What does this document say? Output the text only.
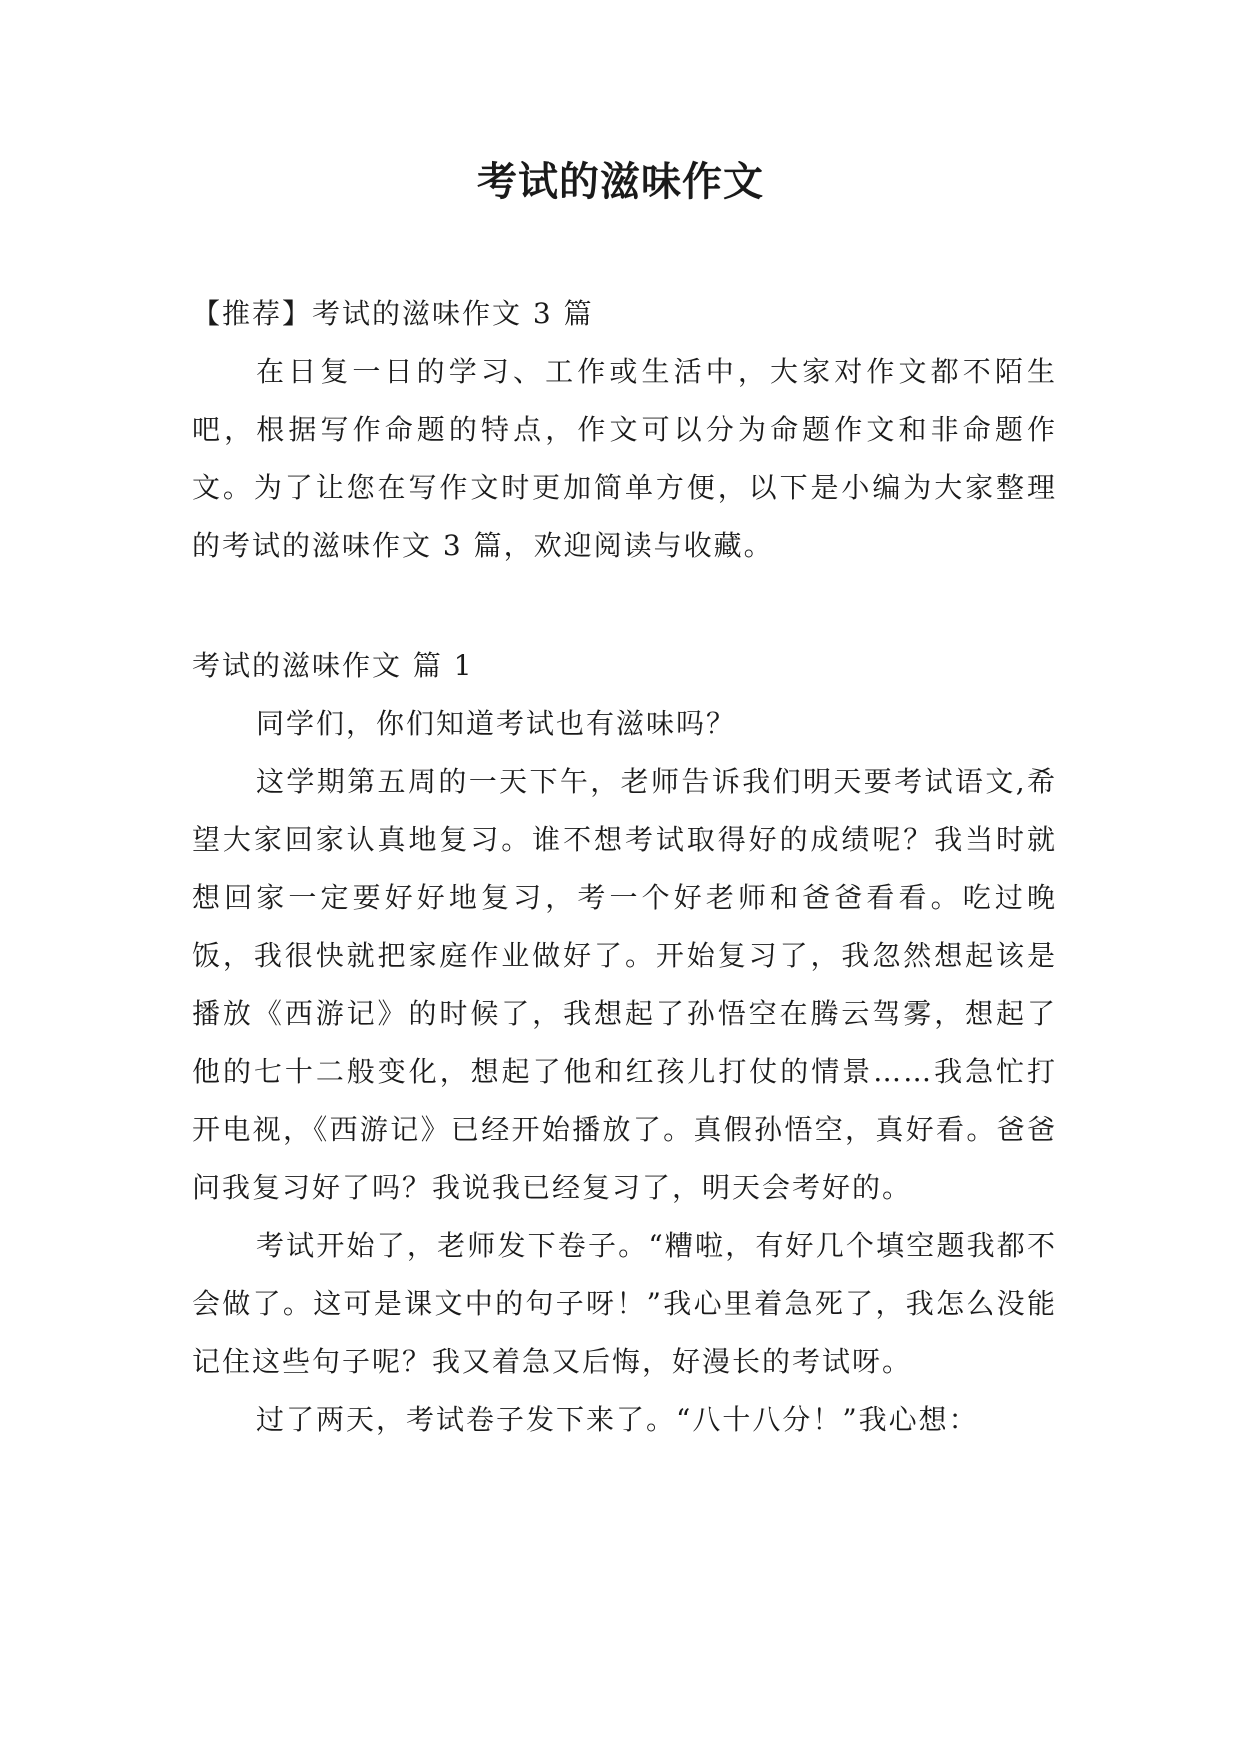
考试的滋味作文

【推荐】考试的滋味作文 3 篇

在日复一日的学习、工作或生活中，大家对作文都不陌生吧，根据写作命题的特点，作文可以分为命题作文和非命题作文。为了让您在写作文时更加简单方便，以下是小编为大家整理的考试的滋味作文 3 篇，欢迎阅读与收藏。

考试的滋味作文 篇 1

同学们，你们知道考试也有滋味吗？

这学期第五周的一天下午，老师告诉我们明天要考试语文,希望大家回家认真地复习。谁不想考试取得好的成绩呢？我当时就想回家一定要好好地复习，考一个好老师和爸爸看看。吃过晚饭，我很快就把家庭作业做好了。开始复习了，我忽然想起该是播放《西游记》的时候了，我想起了孙悟空在腾云驾雾，想起了他的七十二般变化，想起了他和红孩儿打仗的情景……我急忙打开电视，《西游记》已经开始播放了。真假孙悟空，真好看。爸爸问我复习好了吗？我说我已经复习了，明天会考好的。

考试开始了，老师发下卷子。“糟啦，有好几个填空题我都不会做了。这可是课文中的句子呀！”我心里着急死了，我怎么没能记住这些句子呢？我又着急又后悔，好漫长的考试呀。

过了两天，考试卷子发下来了。“八十八分！”我心想：
